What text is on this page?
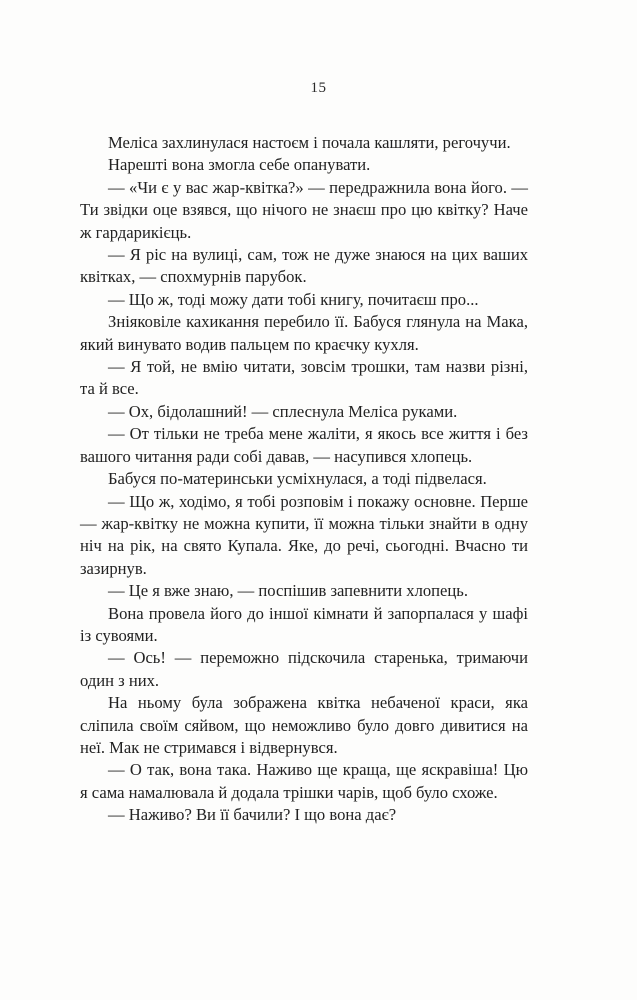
15

Меліса захлинулася настоєм і почала кашляти, регочучи.

Нарешті вона змогла себе опанувати.

— «Чи є у вас жар-квітка?» — передражнила вона його. — Ти звідки оце взявся, що нічого не знаєш про цю квітку? Наче ж гардарикієць.

— Я ріс на вулиці, сам, тож не дуже знаюся на цих ваших квітках, — спохмурнів парубок.

— Що ж, тоді можу дати тобі книгу, почитаєш про...

Зніяковіле кахикання перебило її. Бабуся глянула на Мака, який винувато водив пальцем по краєчку кухля.

— Я той, не вмію читати, зовсім трошки, там назви різні, та й все.

— Ох, бідолашний! — сплеснула Меліса руками.

— От тільки не треба мене жаліти, я якось все життя і без вашого читання ради собі давав, — насупився хлопець.

Бабуся по-материнськи усміхнулася, а тоді підвелася.

— Що ж, ходімо, я тобі розповім і покажу основне. Перше — жар-квітку не можна купити, її можна тільки знайти в одну ніч на рік, на свято Купала. Яке, до речі, сьогодні. Вчасно ти зазирнув.

— Це я вже знаю, — поспішив запевнити хлопець.

Вона провела його до іншої кімнати й запорпалася у шафі із сувоями.

— Ось! — переможно підскочила старенька, тримаючи один з них.

На ньому була зображена квітка небаченої краси, яка сліпила своїм сяйвом, що неможливо було довго дивитися на неї. Мак не стримався і відвернувся.

— О так, вона така. Наживо ще краща, ще яскравіша! Цю я сама намалювала й додала трішки чарів, щоб було схоже.

— Наживо? Ви її бачили? І що вона дає?
